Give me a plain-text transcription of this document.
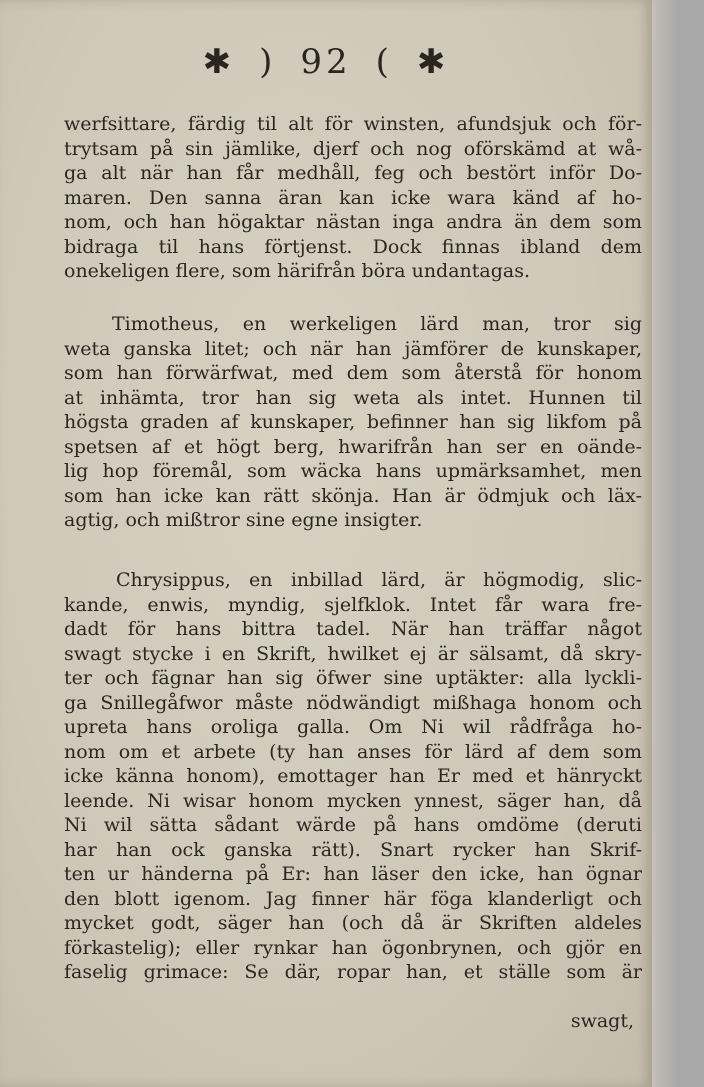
✱ ) 92 ( ✱
werfsittare, färdig til alt för winsten, afundsjuk och för-
trytsam på sin jämlike, djerf och nog oförskämd at wå-
ga alt när han får medhåll, feg och bestört inför Do-
maren. Den sanna äran kan icke wara känd af ho-
nom, och han högaktar nästan inga andra än dem som
bidraga til hans förtjenst. Dock finnas ibland dem
onekeligen flere, som härifrån böra undantagas.
Timotheus, en werkeligen lärd man, tror sig
weta ganska litet; och när han jämförer de kunskaper,
som han förwärfwat, med dem som återstå för honom
at inhämta, tror han sig weta als intet. Hunnen til
högsta graden af kunskaper, befinner han sig likfom på
spetsen af et högt berg, hwarifrån han ser en oände-
lig hop föremål, som wäcka hans upmärksamhet, men
som han icke kan rätt skönja. Han är ödmjuk och läx-
agtig, och mißtror sine egne insigter.
Chrysippus, en inbillad lärd, är högmodig, slic-
kande, enwis, myndig, sjelfklok. Intet får wara fre-
dadt för hans bittra tadel. När han träffar något
swagt stycke i en Skrift, hwilket ej är sälsamt, då skry-
ter och fägnar han sig öfwer sine uptäkter: alla lyckli-
ga Snillegåfwor måste nödwändigt mißhaga honom och
upreta hans oroliga galla. Om Ni wil rådfråga ho-
nom om et arbete (ty han anses för lärd af dem som
icke känna honom), emottager han Er med et hänryckt
leende. Ni wisar honom mycken ynnest, säger han, då
Ni wil sätta sådant wärde på hans omdöme (deruti
har han ock ganska rätt). Snart rycker han Skrif-
ten ur händerna på Er: han läser den icke, han ögnar
den blott igenom. Jag finner här föga klanderligt och
mycket godt, säger han (och då är Skriften aldeles
förkastelig); eller rynkar han ögonbrynen, och gjör en
faselig grimace: Se där, ropar han, et ställe som är
swagt,
